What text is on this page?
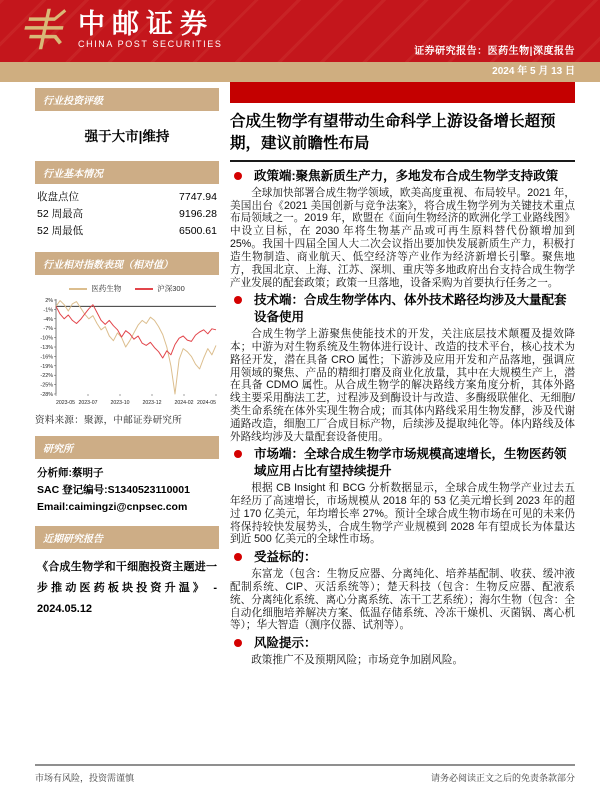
中邮证券
CHINA POST SECURITIES
证券研究报告：医药生物|深度报告
2024 年 5 月 13 日
行业投资评级
强于大市|维持
行业基本情况
收盘点位	7747.94
52 周最高	9196.28
52 周最低	6500.61
行业相对指数表现（相对值）
医药生物	沪深300
2%
-1%
-4%
-7%
-10%
-13%
-16%
-19%
-22%
-25%
-28%
2023-05 2023-07 2023-10 2023-12 2024-02 2024-05
资料来源：聚源，中邮证券研究所
研究所
分析师:蔡明子
SAC 登记编号:S1340523110001
Email:caimingzi@cnpsec.com
近期研究报告
《合成生物学和干细胞投资主题进一步推动医药板块投资升温》 - 2024.05.12
合成生物学有望带动生命科学上游设备增长超预期，建议前瞻性布局
政策端:聚焦新质生产力，多地发布合成生物学支持政策

全球加快部署合成生物学领域，欧美高度重视、布局较早。2021 年，美国出台《2021 美国创新与竞争法案》，将合成生物学列为关键技术重点布局领域之一。2019 年，欧盟在《面向生物经济的欧洲化学工业路线图》中设立目标，在 2030 年将生物基产品或可再生原料替代份额增加到 25%。我国十四届全国人大二次会议指出要加快发展新质生产力，积极打造生物制造、商业航天、低空经济等产业作为经济新增长引擎。聚焦地方，我国北京、上海、江苏、深圳、重庆等多地政府出台支持合成生物学产业发展的配套政策；政策一旦落地，设备采购为首要执行任务之一。

技术端：合成生物学体内、体外技术路径均涉及大量配套设备使用

合成生物学上游聚焦使能技术的开发，关注底层技术颠覆及提效降本；中游为对生物系统及生物体进行设计、改造的技术平台，核心技术为路径开发，潜在具备 CRO 属性；下游涉及应用开发和产品落地，强调应用领域的聚焦、产品的精细打磨及商业化放量，其中在大规模生产上，潜在具备 CDMO 属性。从合成生物学的解决路线方案角度分析，其体外路线主要采用酶法工艺，过程涉及到酶设计与改造、多酶级联催化、无细胞/类生命系统在体外实现生物合成；而其体内路线采用生物发酵，涉及代谢通路改造，细胞工厂合成目标产物，后续涉及提取纯化等。体内路线及体外路线均涉及大量配套设备使用。

市场端：全球合成生物学市场规模高速增长，生物医药领域应用占比有望持续提升

根据 CB Insight 和 BCG 分析数据显示，全球合成生物学产业过去五年经历了高速增长，市场规模从 2018 年的 53 亿美元增长到 2023 年的超过 170 亿美元，年均增长率 27%。预计全球合成生物市场在可见的未来仍将保持较快发展势头，合成生物学产业规模到 2028 年有望成长为体量达到近 500 亿美元的全球性市场。

受益标的：

东富龙（包含：生物反应器、分离纯化、培养基配制、收获、缓冲液配制系统、CIP、灭活系统等）；楚天科技（包含：生物反应器、配液系统、分离纯化系统、离心分离系统、冻干工艺系统）；海尔生物（包含：全自动化细胞培养解决方案、低温存储系统、冷冻干燥机、灭菌锅、离心机等）；华大智造（测序仪器、试剂等）。

风险提示：

政策推广不及预期风险；市场竞争加剧风险。

市场有风险，投资需谨慎	请务必阅读正文之后的免责条款部分
